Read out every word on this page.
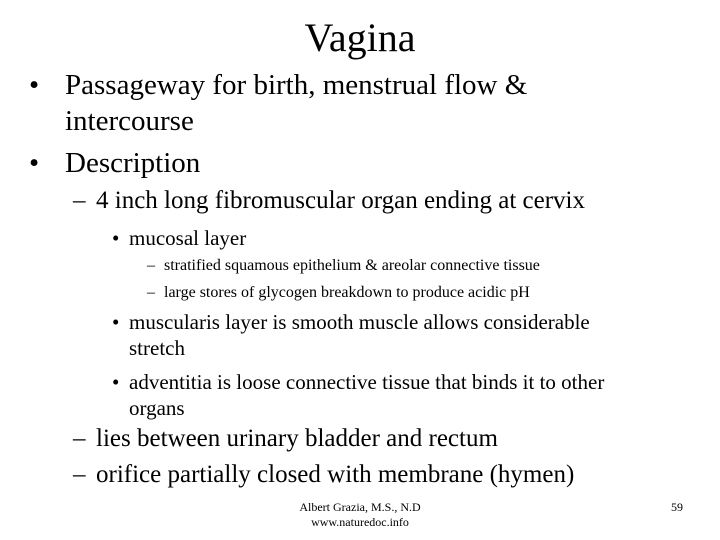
Vagina
• Passageway for birth, menstrual flow &
intercourse
• Description
– 4 inch long fibromuscular organ ending at cervix
• mucosal layer
– stratified squamous epithelium & areolar connective tissue
– large stores of glycogen breakdown to produce acidic pH
• muscularis layer is smooth muscle allows considerable
stretch
• adventitia is loose connective tissue that binds it to other
organs
– lies between urinary bladder and rectum
– orifice partially closed with membrane (hymen)
Albert Grazia, M.S., N.D
www.naturedoc.info
59
